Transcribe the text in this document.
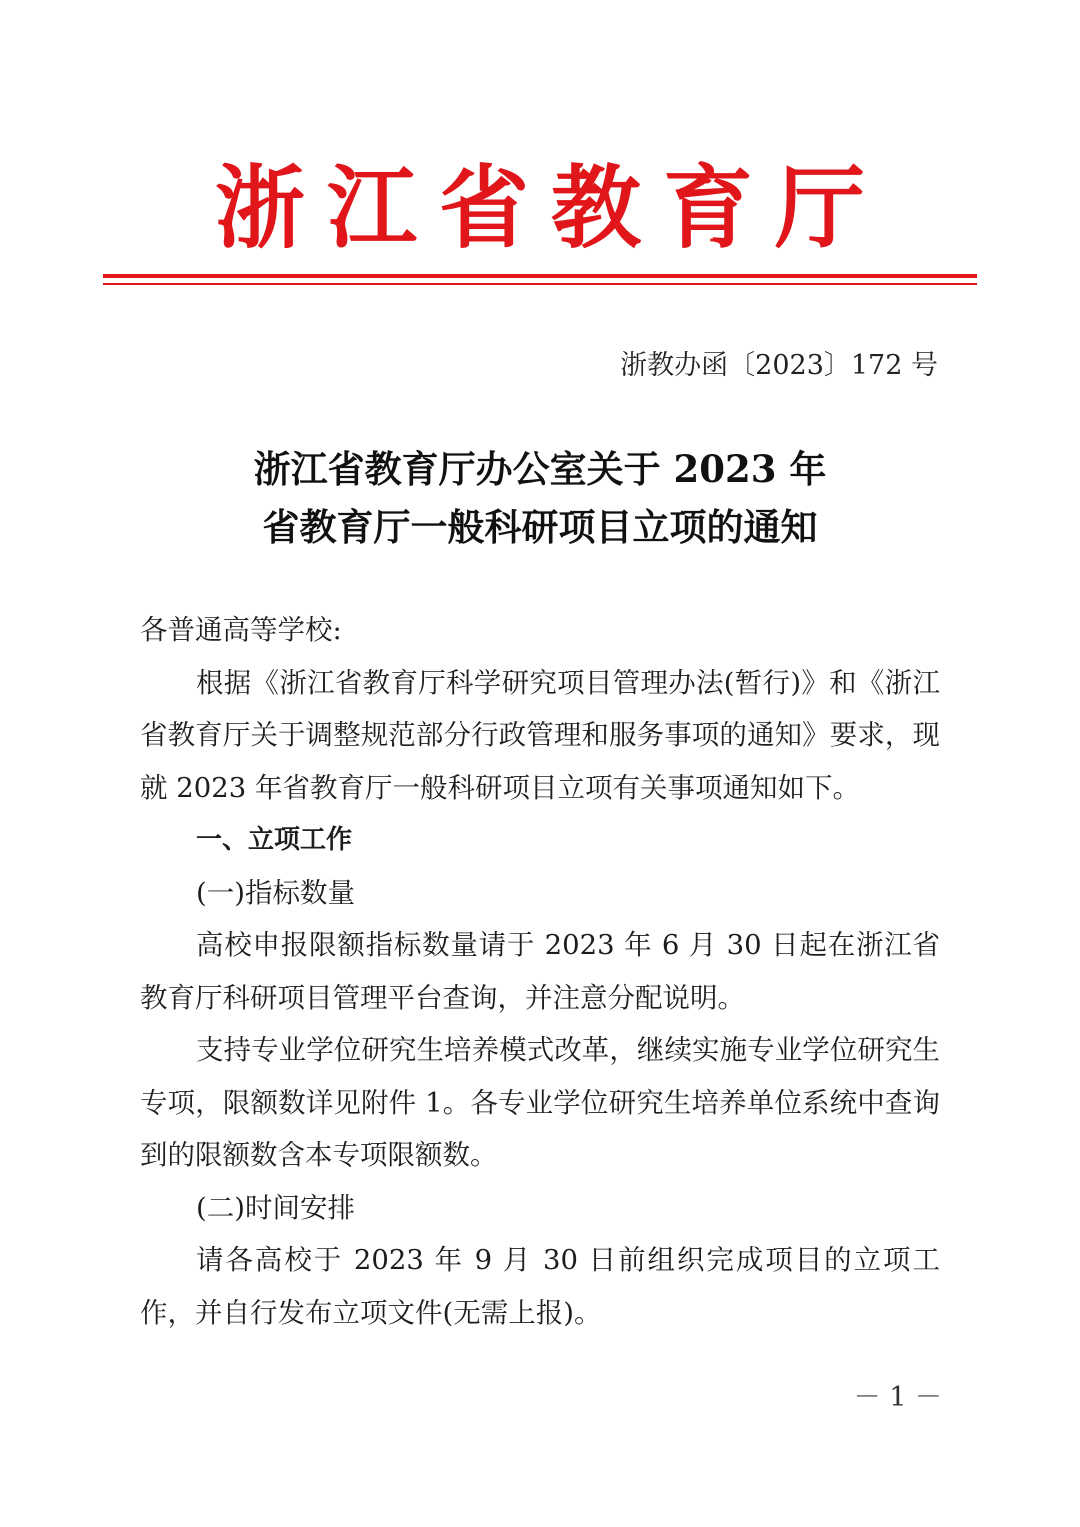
浙江省教育厅
浙教办函〔2023〕172 号
浙江省教育厅办公室关于 2023 年
省教育厅一般科研项目立项的通知

各普通高等学校:

根据《浙江省教育厅科学研究项目管理办法(暂行)》和《浙江省教育厅关于调整规范部分行政管理和服务事项的通知》要求，现就 2023 年省教育厅一般科研项目立项有关事项通知如下。

一、立项工作

(一)指标数量

高校申报限额指标数量请于 2023 年 6 月 30 日起在浙江省教育厅科研项目管理平台查询，并注意分配说明。

支持专业学位研究生培养模式改革，继续实施专业学位研究生专项，限额数详见附件 1。各专业学位研究生培养单位系统中查询到的限额数含本专项限额数。

(二)时间安排

请各高校于 2023 年 9 月 30 日前组织完成项目的立项工作，并自行发布立项文件(无需上报)。

－ 1 －
